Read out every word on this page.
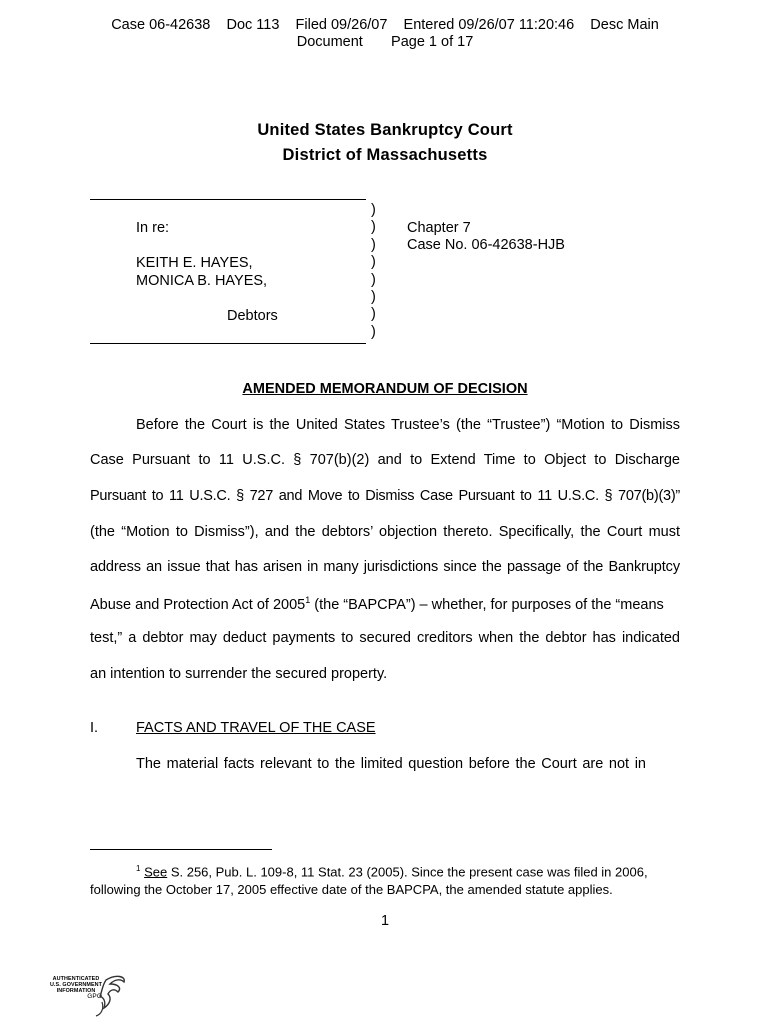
Case 06-42638    Doc 113    Filed 09/26/07    Entered 09/26/07 11:20:46    Desc Main
Document       Page 1 of 17
United States Bankruptcy Court
District of Massachusetts
)
)
)
)
)
)
)
)
In re:
KEITH E. HAYES,
MONICA B. HAYES,
Debtors
Chapter 7
Case No. 06-42638-HJB
AMENDED MEMORANDUM OF DECISION
Before the Court is the United States Trustee’s (the “Trustee”) “Motion to Dismiss
Case Pursuant to 11 U.S.C. § 707(b)(2) and to Extend Time to Object to Discharge
Pursuant to 11 U.S.C. § 727 and Move to Dismiss Case Pursuant to 11 U.S.C. § 707(b)(3)”
(the “Motion to Dismiss”), and the debtors’ objection thereto. Specifically, the Court must
address an issue that has arisen in many jurisdictions since the passage of the Bankruptcy
Abuse and Protection Act of 2005$^1$ (the “BAPCPA”) – whether, for purposes of the “means
test,” a debtor may deduct payments to secured creditors when the debtor has indicated
an intention to surrender the secured property.
I.	FACTS AND TRAVEL OF THE CASE
The material facts relevant to the limited question before the Court are not in
$^1$ See S. 256, Pub. L. 109-8, 11 Stat. 23 (2005). Since the present case was filed in 2006,
following the October 17, 2005 effective date of the BAPCPA, the amended statute applies.
1
AUTHENTICATED
U.S. GOVERNMENT
INFORMATION
GPO
